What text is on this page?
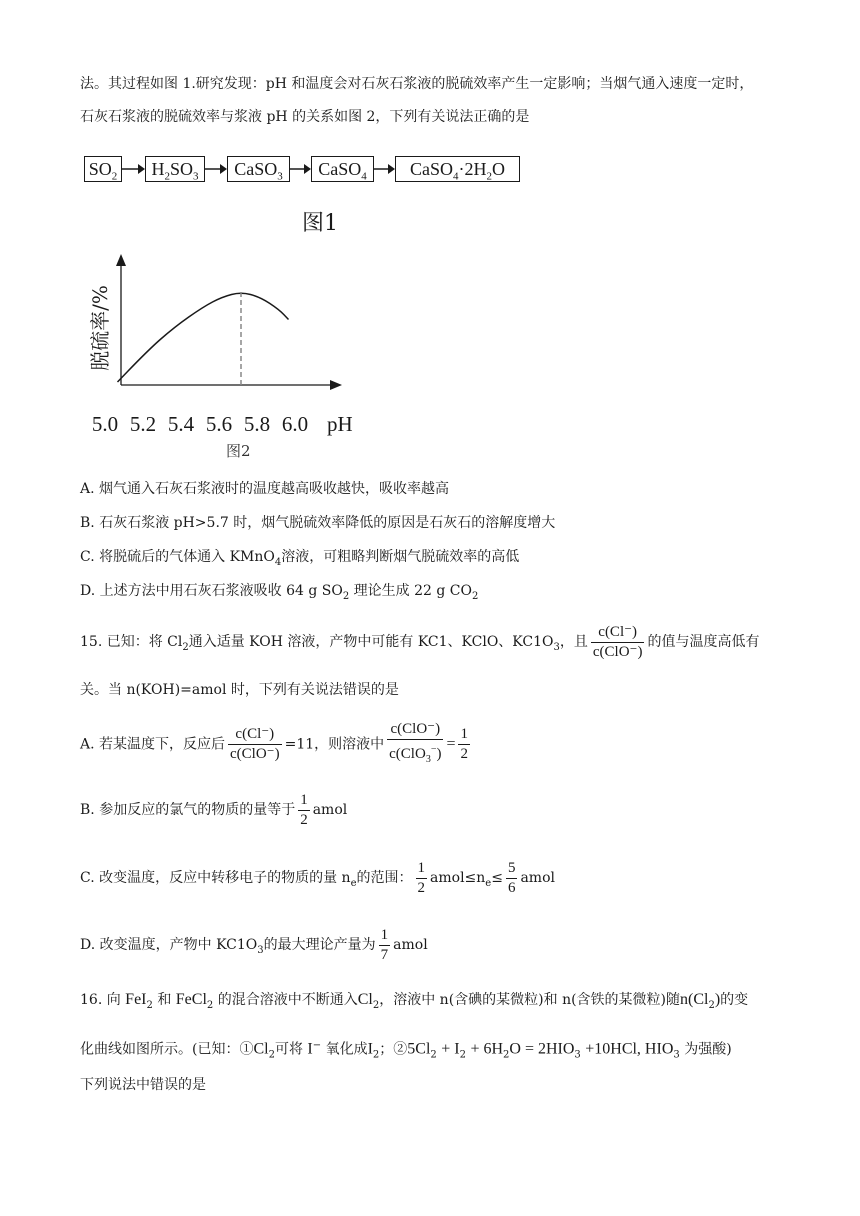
法。其过程如图 1.研究发现：pH 和温度会对石灰石浆液的脱硫效率产生一定影响；当烟气通入速度一定时，
石灰石浆液的脱硫效率与浆液 pH 的关系如图 2，下列有关说法正确的是
$SO_2$	$H_2SO_3$	CaSO$_3$	CaSO$_4$	$CaSO_4\cdot 2H_2O$
图1
脱硫率/%
pH
图2
5.0 5.2 5.4 5.6 5.8 6.0
A. 烟气通入石灰石浆液时的温度越高吸收越快，吸收率越高
B. 石灰石浆液 pH>5.7 时，烟气脱硫效率降低的原因是石灰石的溶解度增大
C. 将脱硫后的气体通入 KMnO$_4$溶液，可粗略判断烟气脱硫效率的高低
D. 上述方法中用石灰石浆液吸收 64 g $SO_2$ 理论生成 22 g $CO_2$
15. 已知：将 $Cl_2$通入适量 KOH 溶液，产物中可能有 KC1、KClO、$KC1O_3$，且 $\frac{c(Cl^-)}{\text{c(ClO⁻)}}$ 的值与温度高低有
关。当 n(KOH)=amol 时，下列有关说法错误的是
A. 若某温度下，反应后 $\frac{c(Cl^-)}{\text{c(ClO⁻)}} =11$，则溶液中 $\frac{\text{c(ClO⁻)}}{c(ClO_3^-)} = \frac{1}{2}$
B. 参加反应的氯气的物质的量等于 $\frac{1}{2}$ amol
C. 改变温度，反应中转移电子的物质的量 $n_e$的范围： $\frac{1}{2}$ $amol\le n_e\le \frac{5}{6}$ amol
D. 改变温度，产物中 $KC1O_3$的最大理论产量为 $\frac{1}{7}$ amol
16. 向 FeI$_2$ 和 FeCl$_2$ 的混合溶液中不断通入$Cl_2$，溶液中 n(含碘的某微粒)和 n(含铁的某微粒)随$n(Cl_2)$的变
化曲线如图所示。(已知：$①Cl_2$可将 I− 氧化成$I_2$；$②5Cl_2 + I_2 + 6H_2O = 2HIO_3 +10HCl$, $HIO_3$ 为强酸)
下列说法中错误的是
